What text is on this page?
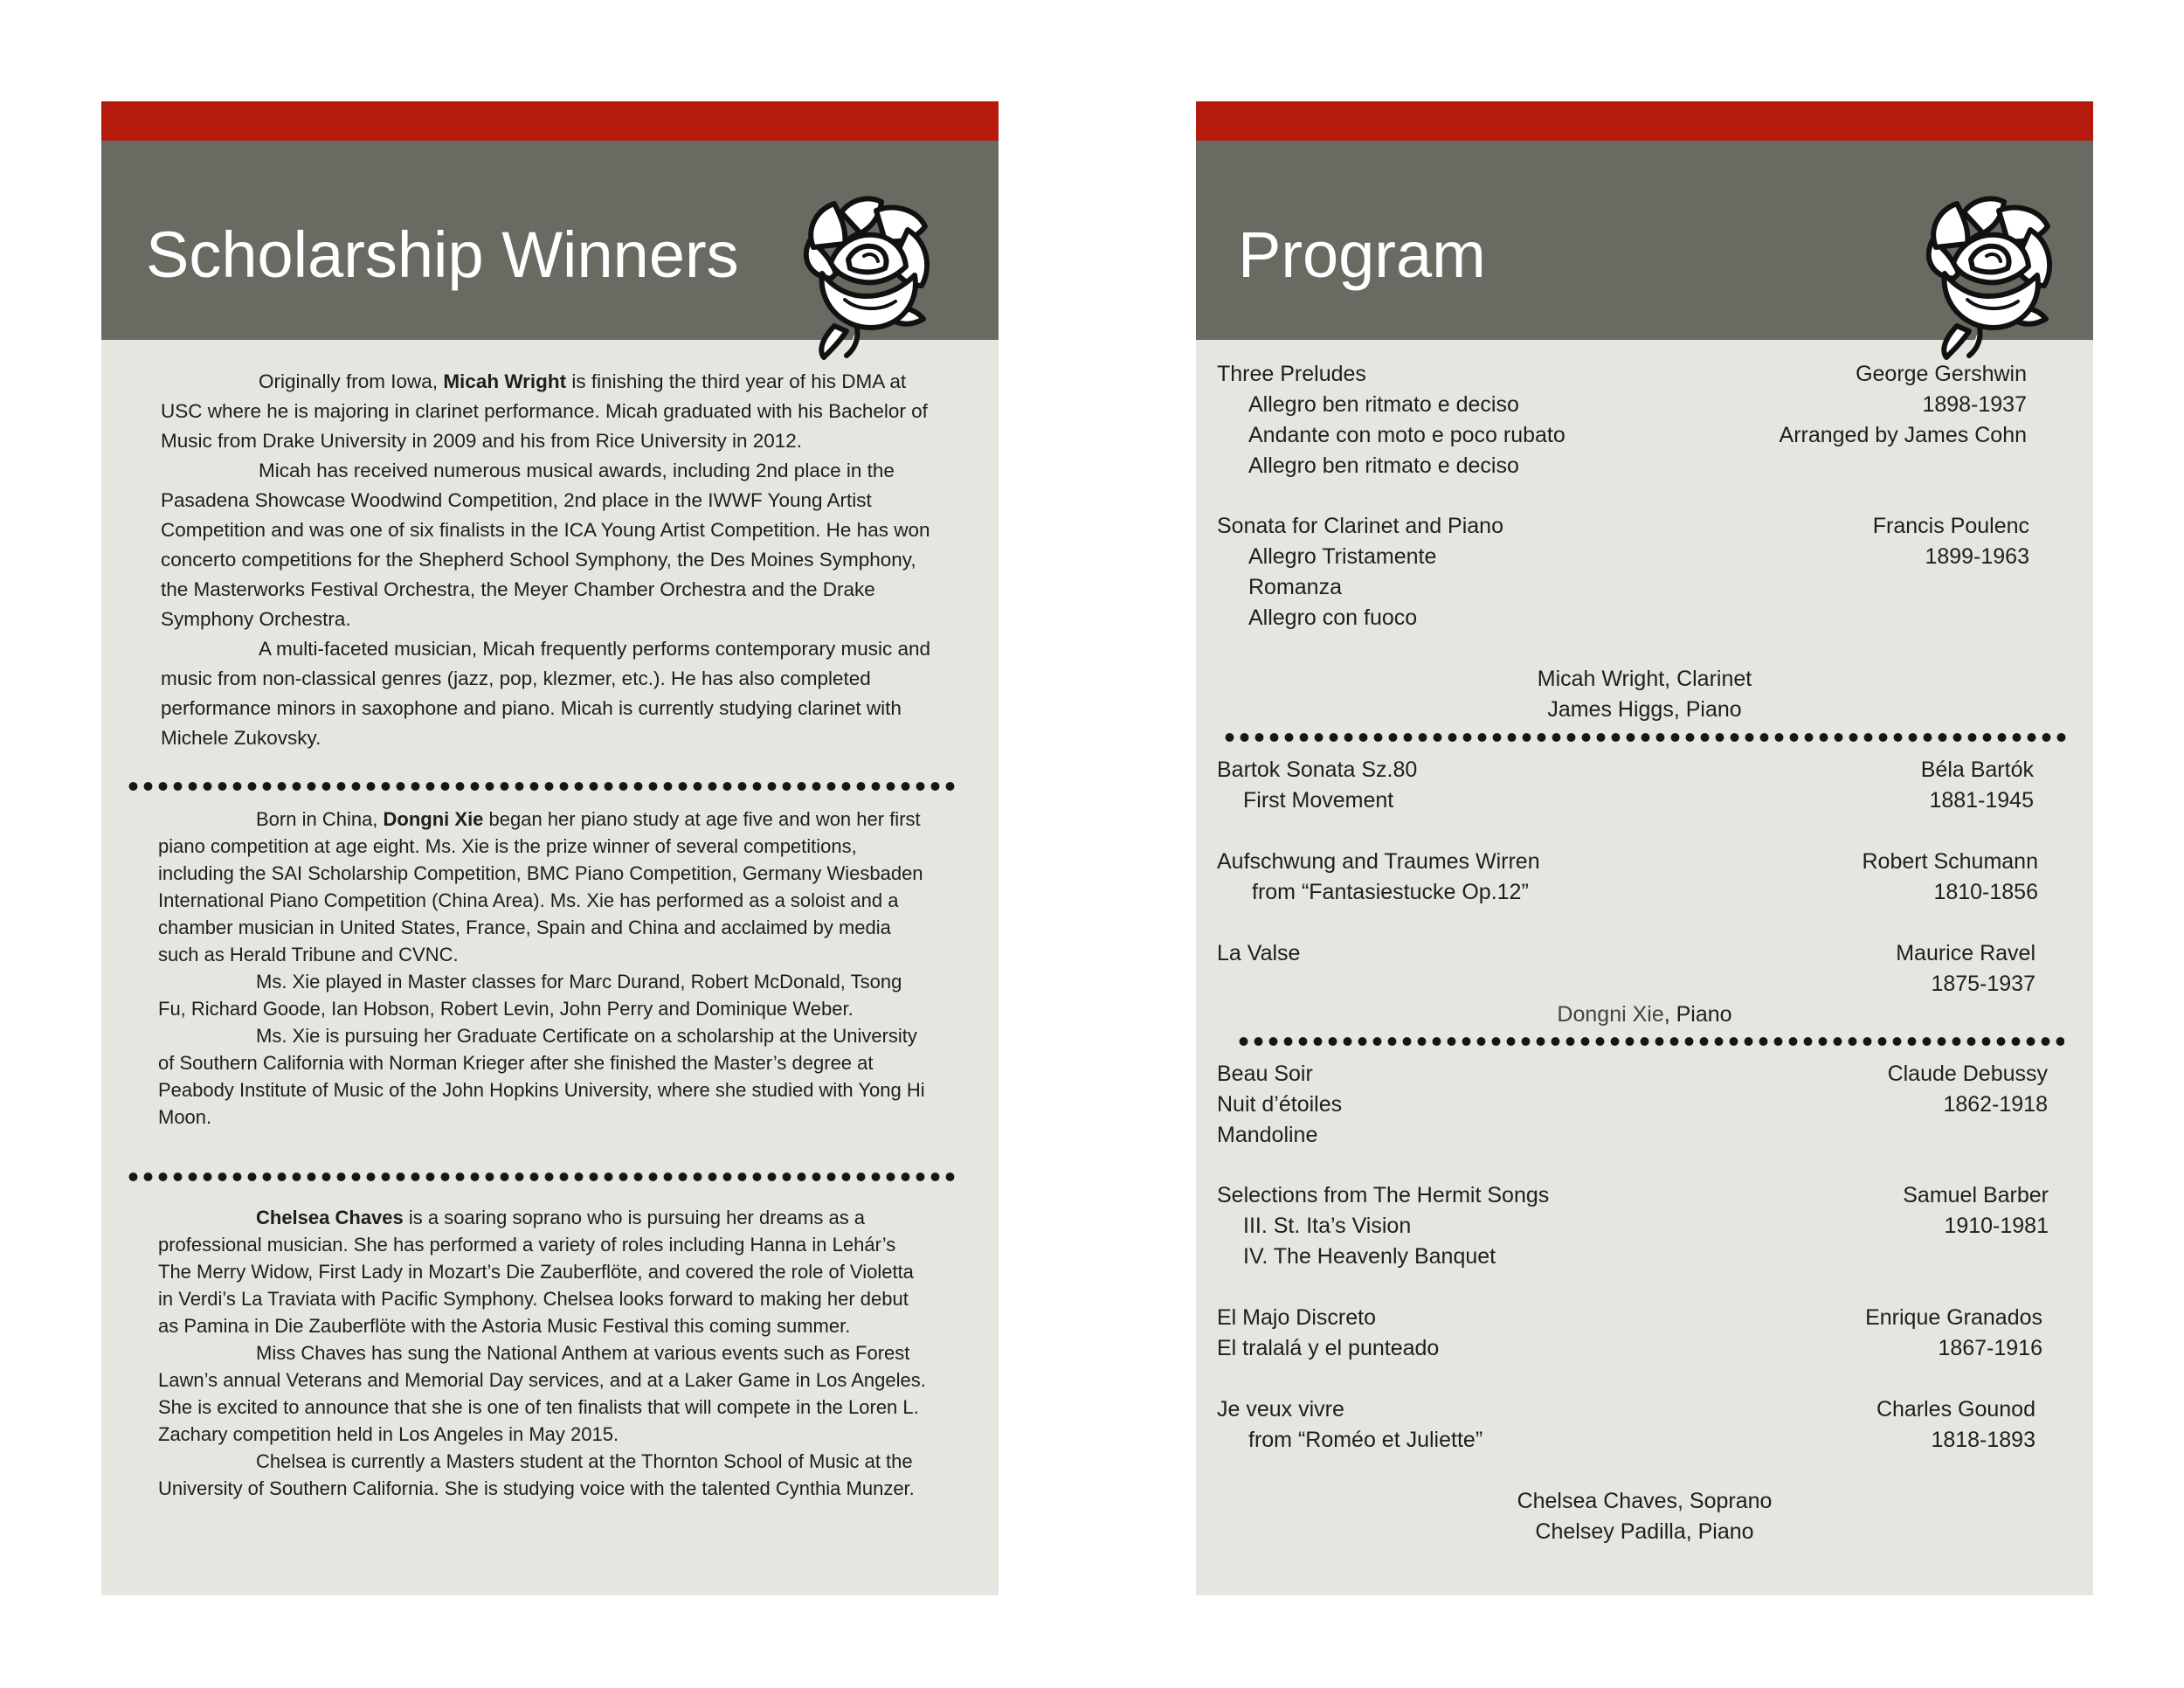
Scholarship Winners

Originally from Iowa, Micah Wright is finishing the third year of his DMA at USC where he is majoring in clarinet performance. Micah graduated with his Bachelor of Music from Drake University in 2009 and his from Rice University in 2012.

Micah has received numerous musical awards, including 2nd place in the Pasadena Showcase Woodwind Competition, 2nd place in the IWWF Young Artist Competition and was one of six finalists in the ICA Young Artist Competition. He has won concerto competitions for the Shepherd School Symphony, the Des Moines Symphony, the Masterworks Festival Orchestra, the Meyer Chamber Orchestra and the Drake Symphony Orchestra.

A multi-faceted musician, Micah frequently performs contemporary music and music from non-classical genres (jazz, pop, klezmer, etc.). He has also completed performance minors in saxophone and piano. Micah is currently studying clarinet with Michele Zukovsky.

Born in China, Dongni Xie began her piano study at age five and won her first piano competition at age eight. Ms. Xie is the prize winner of several competitions, including the SAI Scholarship Competition, BMC Piano Competition, Germany Wiesbaden International Piano Competition (China Area). Ms. Xie has performed as a soloist and a chamber musician in United States, France, Spain and China and acclaimed by media such as Herald Tribune and CVNC.

Ms. Xie played in Master classes for Marc Durand, Robert McDonald, Tsong Fu, Richard Goode, Ian Hobson, Robert Levin, John Perry and Dominique Weber.

Ms. Xie is pursuing her Graduate Certificate on a scholarship at the University of Southern California with Norman Krieger after she finished the Master’s degree at Peabody Institute of Music of the John Hopkins University, where she studied with Yong Hi Moon.

Chelsea Chaves is a soaring soprano who is pursuing her dreams as a professional musician. She has performed a variety of roles including Hanna in Lehár’s The Merry Widow, First Lady in Mozart’s Die Zauberflöte, and covered the role of Violetta in Verdi’s La Traviata with Pacific Symphony. Chelsea looks forward to making her debut as Pamina in Die Zauberflöte with the Astoria Music Festival this coming summer.

Miss Chaves has sung the National Anthem at various events such as Forest Lawn’s annual Veterans and Memorial Day services, and at a Laker Game in Los Angeles. She is excited to announce that she is one of ten finalists that will compete in the Loren L. Zachary competition held in Los Angeles in May 2015.

Chelsea is currently a Masters student at the Thornton School of Music at the University of Southern California. She is studying voice with the talented Cynthia Munzer.

Program
Three Preludes
Allegro ben ritmato e deciso
Andante con moto e poco rubato
Allegro ben ritmato e deciso
George Gershwin
1898-1937
Arranged by James Cohn
Sonata for Clarinet and Piano
Allegro Tristamente
Romanza
Allegro con fuoco
Francis Poulenc
1899-1963
Micah Wright, Clarinet
James Higgs, Piano
Bartok Sonata Sz.80
First Movement
Béla Bartók
1881-1945
Aufschwung and Traumes Wirren
from “Fantasiestucke Op.12”
Robert Schumann
1810-1856
La Valse	Maurice Ravel
1875-1937
Dongni Xie, Piano
Beau Soir
Nuit d’étoiles
Mandoline
Claude Debussy
1862-1918
Selections from The Hermit Songs
III. St. Ita’s Vision
IV. The Heavenly Banquet
Samuel Barber
1910-1981
El Majo Discreto
El tralalá y el punteado
Enrique Granados
1867-1916
Je veux vivre
from “Roméo et Juliette”
Charles Gounod
1818-1893
Chelsea Chaves, Soprano
Chelsey Padilla, Piano
